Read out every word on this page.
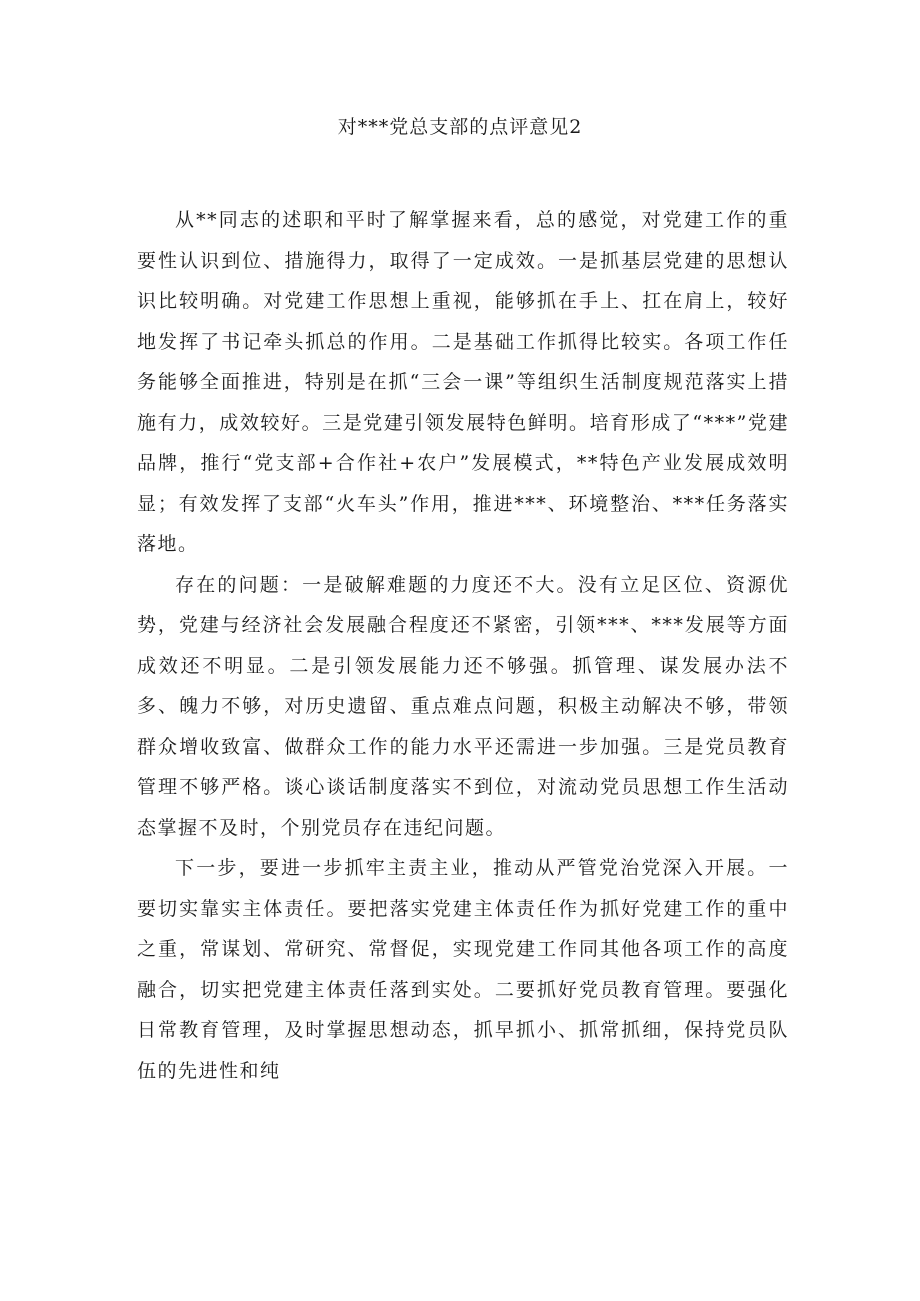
对***党总支部的点评意见2

从**同志的述职和平时了解掌握来看，总的感觉，对党建工作的重要性认识到位、措施得力，取得了一定成效。一是抓基层党建的思想认识比较明确。对党建工作思想上重视，能够抓在手上、扛在肩上，较好地发挥了书记牵头抓总的作用。二是基础工作抓得比较实。各项工作任务能够全面推进，特别是在抓“三会一课”等组织生活制度规范落实上措施有力，成效较好。三是党建引领发展特色鲜明。培育形成了“***”党建品牌，推行“党支部+合作社+农户”发展模式，**特色产业发展成效明显；有效发挥了支部“火车头”作用，推进***、环境整治、***任务落实落地。

存在的问题：一是破解难题的力度还不大。没有立足区位、资源优势，党建与经济社会发展融合程度还不紧密，引领***、***发展等方面成效还不明显。二是引领发展能力还不够强。抓管理、谋发展办法不多、魄力不够，对历史遗留、重点难点问题，积极主动解决不够，带领群众增收致富、做群众工作的能力水平还需进一步加强。三是党员教育管理不够严格。谈心谈话制度落实不到位，对流动党员思想工作生活动态掌握不及时，个别党员存在违纪问题。

下一步，要进一步抓牢主责主业，推动从严管党治党深入开展。一要切实靠实主体责任。要把落实党建主体责任作为抓好党建工作的重中之重，常谋划、常研究、常督促，实现党建工作同其他各项工作的高度融合，切实把党建主体责任落到实处。二要抓好党员教育管理。要强化日常教育管理，及时掌握思想动态，抓早抓小、抓常抓细，保持党员队伍的先进性和纯
